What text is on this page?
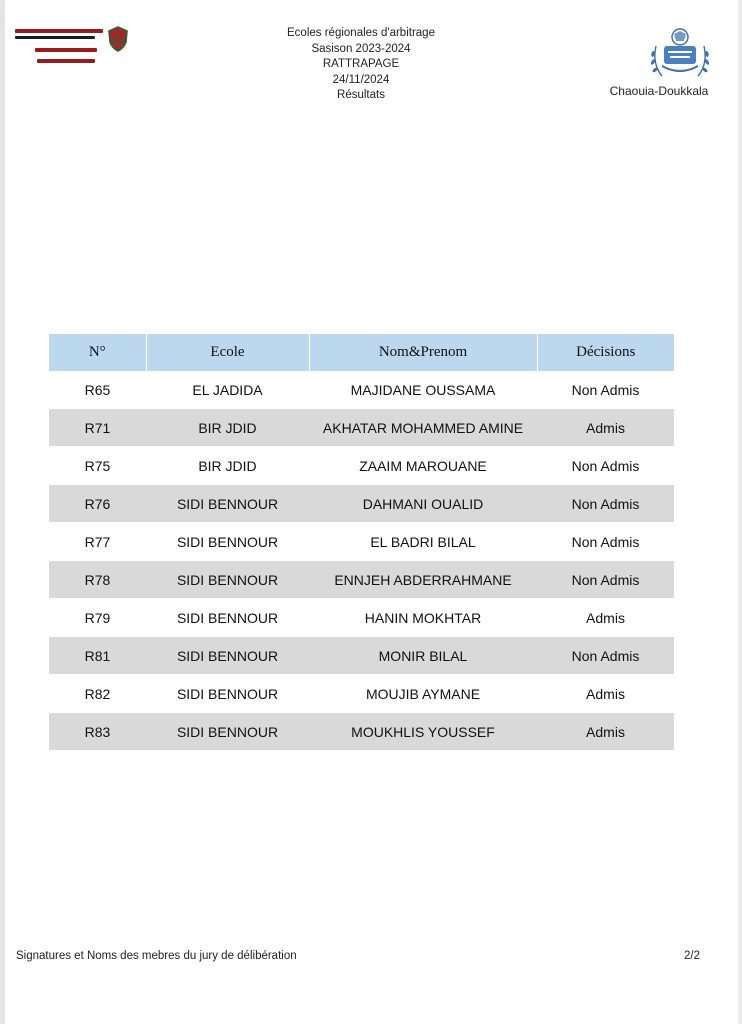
Ecoles régionales d'arbitrage
Sasison 2023-2024
RATTRAPAGE
24/11/2024
Résultats	Chaouia-Doukkala
N°	Ecole	Nom&Prenom	Décisions
R65	EL JADIDA	MAJIDANE OUSSAMA	Non Admis
R71	BIR JDID	AKHATAR MOHAMMED AMINE	Admis
R75	BIR JDID	ZAAIM MAROUANE	Non Admis
R76	SIDI BENNOUR	DAHMANI OUALID	Non Admis
R77	SIDI BENNOUR	EL BADRI BILAL	Non Admis
R78	SIDI BENNOUR	ENNJEH ABDERRAHMANE	Non Admis
R79	SIDI BENNOUR	HANIN MOKHTAR	Admis
R81	SIDI BENNOUR	MONIR BILAL	Non Admis
R82	SIDI BENNOUR	MOUJIB AYMANE	Admis
R83	SIDI BENNOUR	MOUKHLIS YOUSSEF	Admis
Signatures et Noms des mebres du jury de délibération	2/2
